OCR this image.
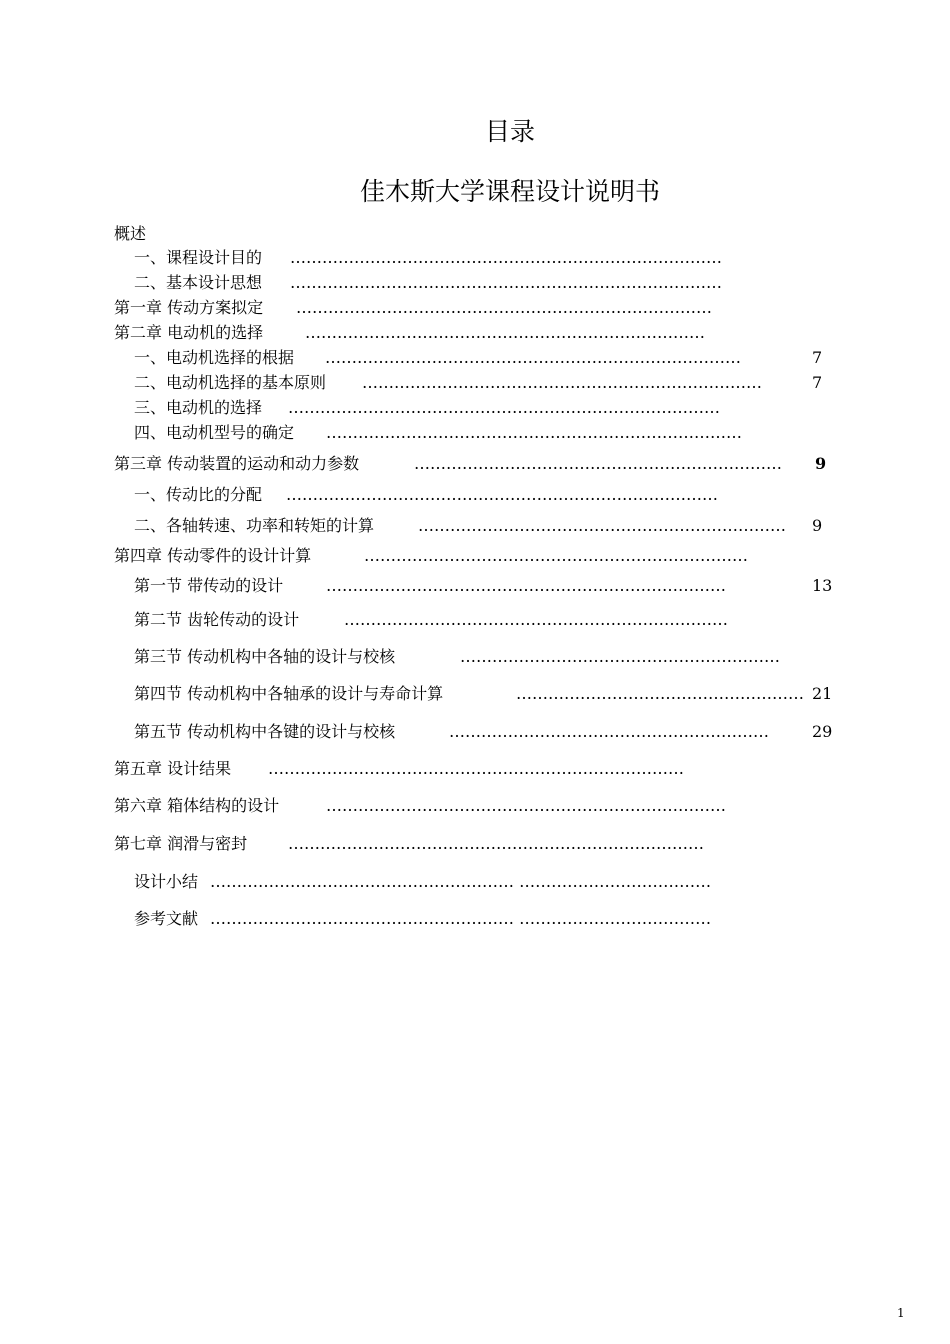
目录
佳木斯大学课程设计说明书
概述
一、课程设计目的 ………………………………………………………………………
二、基本设计思想 ………………………………………………………………………
第一章 传动方案拟定 ……………………………………………………………………
第二章 电动机的选择	…………………………………………………………………
一、电动机选择的根据 ……………………………………………………………………	7
二、电动机选择的基本原则 …………………………………………………………………	7
三、电动机的选择 ………………………………………………………………………
四、电动机型号的确定 ……………………………………………………………………
第三章 传动装置的运动和动力参数	……………………………………………………………	9
一、传动比的分配 ………………………………………………………………………
二、各轴转速、功率和转矩的计算	……………………………………………………………	9
第四章 传动零件的设计计算	………………………………………………………………
第一节 带传动的设计	…………………………………………………………………	13
第二节 齿轮传动的设计	………………………………………………………………
第三节 传动机构中各轴的设计与校核	……………………………………………………
第四节 传动机构中各轴承的设计与寿命计算	……………………………………………… 21
第五节 传动机构中各键的设计与校核	……………………………………………………	29
第五章 设计结果 ……………………………………………………………………
第六章 箱体结构的设计	…………………………………………………………………
第七章 润滑与密封	……………………………………………………………………
设计小结 ………………………………………………… ………………………………
参考文献 ………………………………………………… ………………………………
1
